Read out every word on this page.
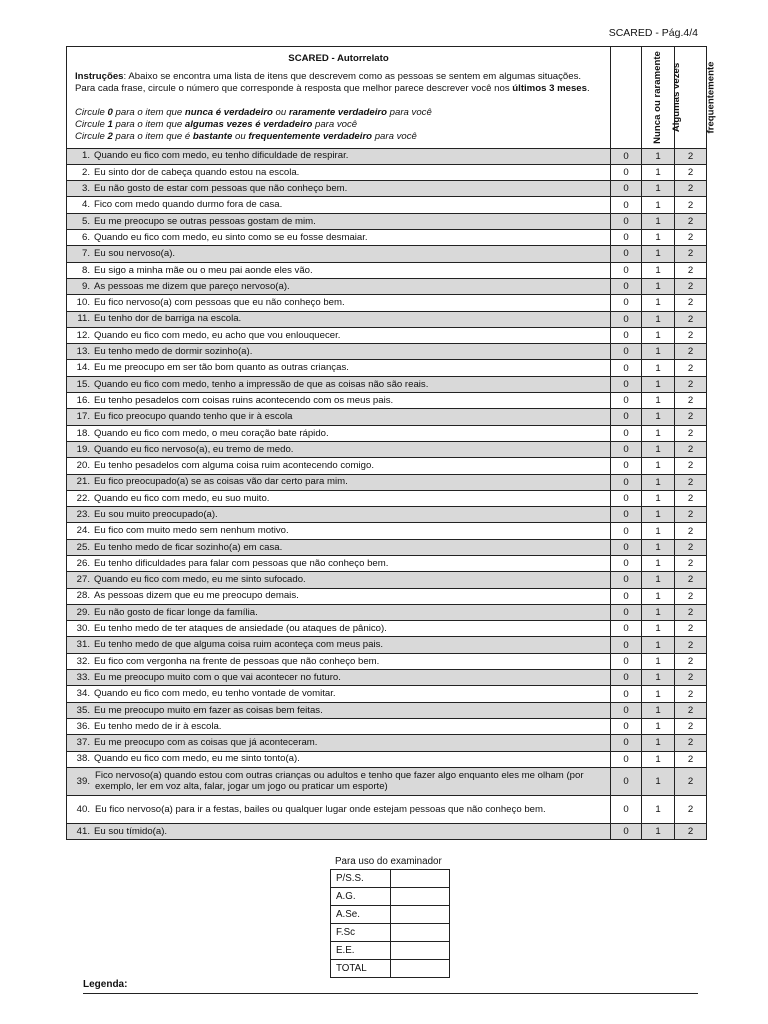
SCARED - Pág.4/4
SCARED - Autorrelato
Instruções: Abaixo se encontra uma lista de itens que descrevem como as pessoas se sentem em algumas situações. Para cada frase, circule o número que corresponde à resposta que melhor parece descrever você nos últimos 3 meses.
Circule 0 para o item que nunca é verdadeiro ou raramente verdadeiro para você
Circule 1 para o item que algumas vezes é verdadeiro para você
Circule 2 para o item que é bastante ou frequentemente verdadeiro para você	Nunca ou raramente	Algumas vezes	frequentemente
1. Quando eu fico com medo, eu tenho dificuldade de respirar.	0	1	2
2. Eu sinto dor de cabeça quando estou na escola.	0	1	2
3. Eu não gosto de estar com pessoas que não conheço bem.	0	1	2
4. Fico com medo quando durmo fora de casa.	0	1	2
5. Eu me preocupo se outras pessoas gostam de mim.	0	1	2
6. Quando eu fico com medo, eu sinto como se eu fosse desmaiar.	0	1	2
7. Eu sou nervoso(a).	0	1	2
8. Eu sigo a minha mãe ou o meu pai aonde eles vão.	0	1	2
9. As pessoas me dizem que pareço nervoso(a).	0	1	2
10. Eu fico nervoso(a) com pessoas que eu não conheço bem.	0	1	2
11. Eu tenho dor de barriga na escola.	0	1	2
12. Quando eu fico com medo, eu acho que vou enlouquecer.	0	1	2
13. Eu tenho medo de dormir sozinho(a).	0	1	2
14. Eu me preocupo em ser tão bom quanto as outras crianças.	0	1	2
15. Quando eu fico com medo, tenho a impressão de que as coisas não são reais.	0	1	2
16. Eu tenho pesadelos com coisas ruins acontecendo com os meus pais.	0	1	2
17. Eu fico preocupo quando tenho que ir à escola	0	1	2
18. Quando eu fico com medo, o meu coração bate rápido.	0	1	2
19. Quando eu fico nervoso(a), eu tremo de medo.	0	1	2
20. Eu tenho pesadelos com alguma coisa ruim acontecendo comigo.	0	1	2
21. Eu fico preocupado(a) se as coisas vão dar certo para mim.	0	1	2
22. Quando eu fico com medo, eu suo muito.	0	1	2
23. Eu sou muito preocupado(a).	0	1	2
24. Eu fico com muito medo sem nenhum motivo.	0	1	2
25. Eu tenho medo de ficar sozinho(a) em casa.	0	1	2
26. Eu tenho dificuldades para falar com pessoas que não conheço bem.	0	1	2
27. Quando eu fico com medo, eu me sinto sufocado.	0	1	2
28. As pessoas dizem que eu me preocupo demais.	0	1	2
29. Eu não gosto de ficar longe da família.	0	1	2
30. Eu tenho medo de ter ataques de ansiedade (ou ataques de pânico).	0	1	2
31. Eu tenho medo de que alguma coisa ruim aconteça com meus pais.	0	1	2
32. Eu fico com vergonha na frente de pessoas que não conheço bem.	0	1	2
33. Eu me preocupo muito com o que vai acontecer no futuro.	0	1	2
34. Quando eu fico com medo, eu tenho vontade de vomitar.	0	1	2
35. Eu me preocupo muito em fazer as coisas bem feitas.	0	1	2
36. Eu tenho medo de ir à escola.	0	1	2
37. Eu me preocupo com as coisas que já aconteceram.	0	1	2
38. Quando eu fico com medo, eu me sinto tonto(a).	0	1	2

39.
Fico nervoso(a) quando estou com outras crianças ou adultos e tenho que fazer algo enquanto eles me olham (por exemplo, ler em voz alta, falar, jogar um jogo ou praticar um esporte)	0	1	2

40. Eu fico nervoso(a) para ir a festas, bailes ou qualquer lugar onde estejam pessoas que não conheço bem.	0	1	2
41. Eu sou tímido(a).	0	1	2
Para uso do examinador
P/S.S.	
A.G.	
A.Se.	
F.Sc	
E.E.	
TOTAL	
Legenda:
